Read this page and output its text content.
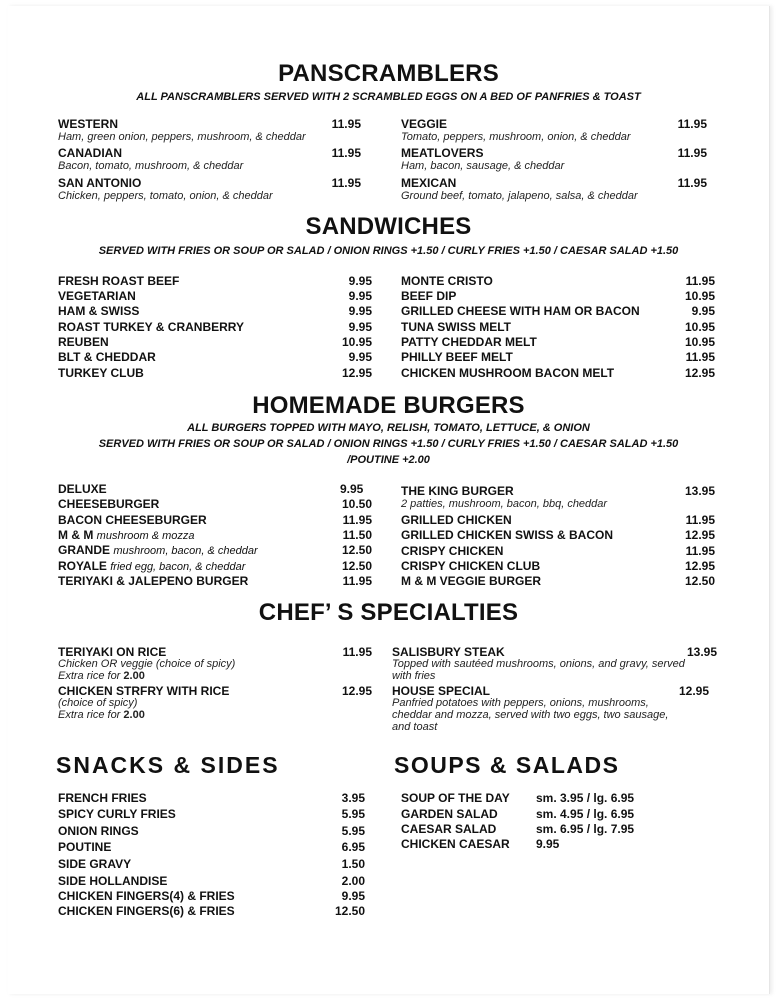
PANSCRAMBLERS
ALL PANSCRAMBLERS SERVED WITH 2 SCRAMBLED EGGS ON A BED OF PANFRIES & TOAST
WESTERN	11.95
Ham, green onion, peppers, mushroom, & cheddar
CANADIAN	11.95
Bacon, tomato, mushroom, & cheddar
SAN ANTONIO	11.95
Chicken, peppers, tomato, onion, & cheddar
VEGGIE	11.95
Tomato, peppers, mushroom, onion, & cheddar
MEATLOVERS	11.95
Ham, bacon, sausage, & cheddar
MEXICAN	11.95
Ground beef, tomato, jalapeno, salsa, & cheddar
SANDWICHES
SERVED WITH FRIES OR SOUP OR SALAD / ONION RINGS +1.50 / CURLY FRIES +1.50 / CAESAR SALAD +1.50
FRESH ROAST BEEF	9.95
VEGETARIAN	9.95
HAM & SWISS	9.95
ROAST TURKEY & CRANBERRY	9.95
REUBEN	10.95
BLT & CHEDDAR	9.95
TURKEY CLUB	12.95
MONTE CRISTO	11.95
BEEF DIP	10.95
GRILLED CHEESE WITH HAM OR BACON	9.95
TUNA SWISS MELT	10.95
PATTY CHEDDAR MELT	10.95
PHILLY BEEF MELT	11.95
CHICKEN MUSHROOM BACON MELT	12.95
HOMEMADE BURGERS
ALL BURGERS TOPPED WITH MAYO, RELISH, TOMATO, LETTUCE, & ONION
SERVED WITH FRIES OR SOUP OR SALAD / ONION RINGS +1.50 / CURLY FRIES +1.50 / CAESAR SALAD +1.50
/POUTINE +2.00
DELUXE	9.95
CHEESEBURGER	10.50
BACON CHEESEBURGER	11.95
M & M mushroom & mozza	11.50
GRANDE mushroom, bacon, & cheddar	12.50
ROYALE fried egg, bacon, & cheddar	12.50
TERIYAKI & JALEPENO BURGER	11.95
THE KING BURGER	13.95
2 patties, mushroom, bacon, bbq, cheddar
GRILLED CHICKEN	11.95
GRILLED CHICKEN SWISS & BACON	12.95
CRISPY CHICKEN	11.95
CRISPY CHICKEN CLUB	12.95
M & M VEGGIE BURGER	12.50
CHEF’ S SPECIALTIES
TERIYAKI ON RICE	11.95
Chicken OR veggie (choice of spicy)
Extra rice for 2.00
CHICKEN STRFRY WITH RICE	12.95
(choice of spicy)
Extra rice for 2.00
SALISBURY STEAK	13.95
Topped with sautéed mushrooms, onions, and gravy, served
with fries
HOUSE SPECIAL	12.95
Panfried potatoes with peppers, onions, mushrooms,
cheddar and mozza, served with two eggs, two sausage,
and toast
SNACKS & SIDES
FRENCH FRIES	3.95
SPICY CURLY FRIES	5.95
ONION RINGS	5.95
POUTINE	6.95
SIDE GRAVY	1.50
SIDE HOLLANDISE	2.00
CHICKEN FINGERS(4) & FRIES	9.95
CHICKEN FINGERS(6) & FRIES	12.50
SOUPS & SALADS
SOUP OF THE DAY sm. 3.95 / lg. 6.95
GARDEN SALAD	sm. 4.95 / lg. 6.95
CAESAR SALAD	sm. 6.95 / lg. 7.95
CHICKEN CAESAR 9.95
